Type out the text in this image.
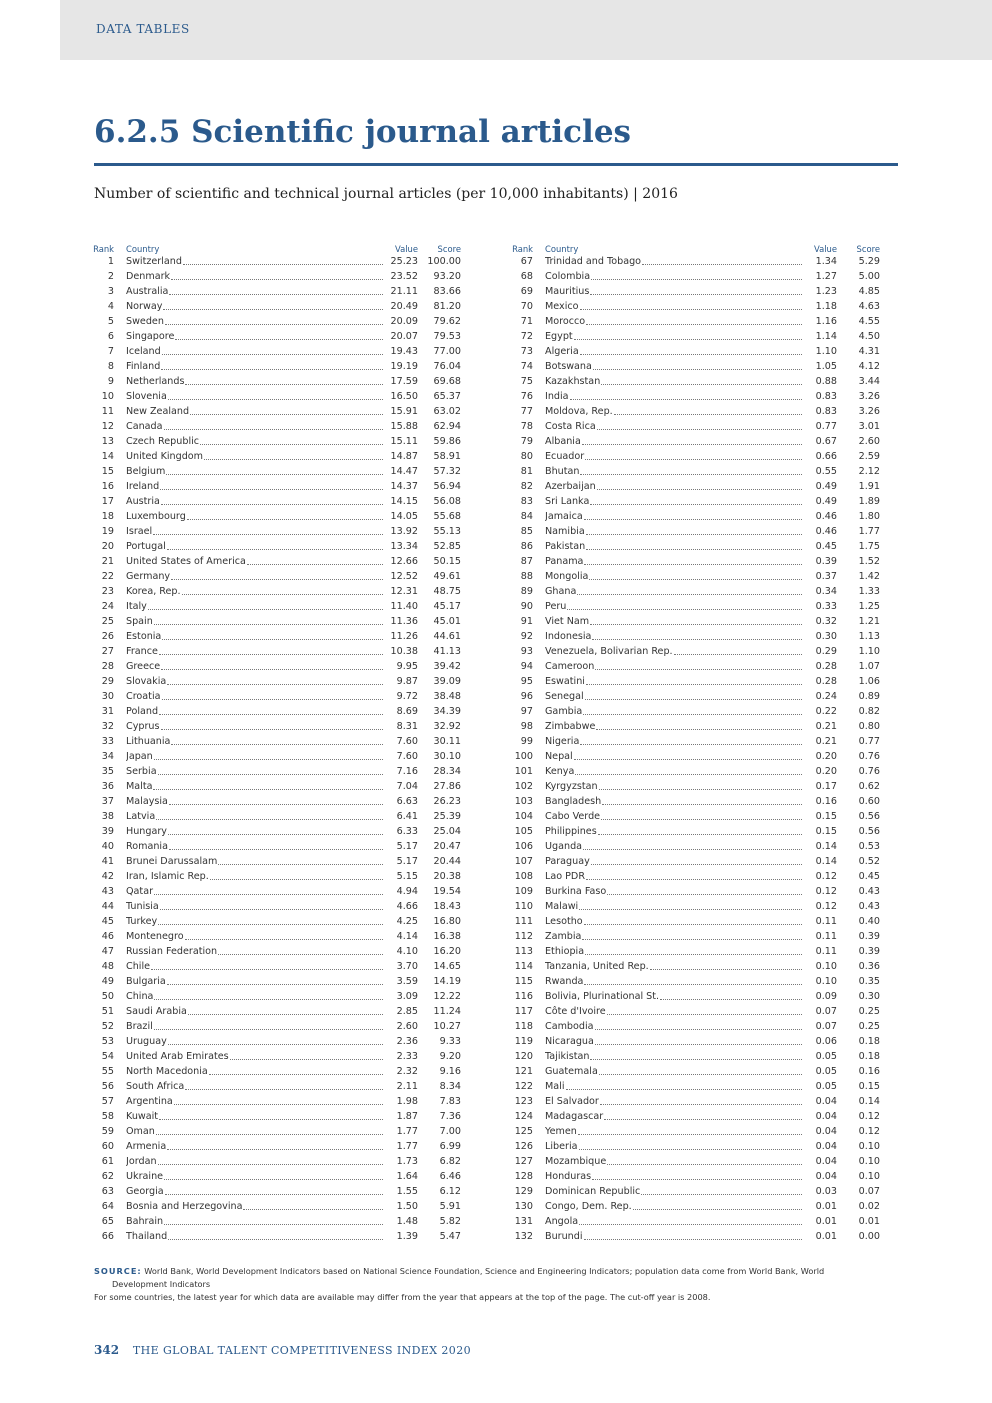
DATA TABLES
6.2.5 Scientific journal articles
Number of scientific and technical journal articles (per 10,000 inhabitants) | 2016
Rank	Country	Value	Score
1	Switzerland	25.23 100.00
2	Denmark	23.52	93.20
3	Australia	21.11	83.66
4	Norway	20.49	81.20
5	Sweden	20.09	79.62
6	Singapore	20.07	79.53
7	Iceland	19.43	77.00
8	Finland	19.19	76.04
9	Netherlands	17.59	69.68
10	Slovenia	16.50	65.37
11	New Zealand	15.91	63.02
12	Canada	15.88	62.94
13	Czech Republic	15.11	59.86
14	United Kingdom	14.87	58.91
15	Belgium	14.47	57.32
16	Ireland	14.37	56.94
17	Austria	14.15	56.08
18	Luxembourg	14.05	55.68
19	Israel	13.92	55.13
20	Portugal	13.34	52.85
21	United States of America	12.66	50.15
22	Germany	12.52	49.61
23	Korea, Rep.	12.31	48.75
24	Italy	11.40	45.17
25	Spain	11.36	45.01
26	Estonia	11.26	44.61
27	France	10.38	41.13
28	Greece	9.95	39.42
29	Slovakia	9.87	39.09
30	Croatia	9.72	38.48
31	Poland	8.69	34.39
32	Cyprus	8.31	32.92
33	Lithuania	7.60	30.11
34	Japan	7.60	30.10
35	Serbia	7.16	28.34
36	Malta	7.04	27.86
37	Malaysia	6.63	26.23
38	Latvia	6.41	25.39
39	Hungary	6.33	25.04
40	Romania	5.17	20.47
41	Brunei Darussalam	5.17	20.44
42	Iran, Islamic Rep.	5.15	20.38
43	Qatar	4.94	19.54
44	Tunisia	4.66	18.43
45	Turkey	4.25	16.80
46	Montenegro	4.14	16.38
47	Russian Federation	4.10	16.20
48	Chile	3.70	14.65
49	Bulgaria	3.59	14.19
50	China	3.09	12.22
51	Saudi Arabia	2.85	11.24
52	Brazil	2.60	10.27
53	Uruguay	2.36	9.33
54	United Arab Emirates	2.33	9.20
55	North Macedonia	2.32	9.16
56	South Africa	2.11	8.34
57	Argentina	1.98	7.83
58	Kuwait	1.87	7.36
59	Oman	1.77	7.00
60	Armenia	1.77	6.99
61	Jordan	1.73	6.82
62	Ukraine	1.64	6.46
63	Georgia	1.55	6.12
64	Bosnia and Herzegovina	1.50	5.91
65	Bahrain	1.48	5.82
66	Thailand	1.39	5.47
Rank	Country	Value	Score
67	Trinidad and Tobago	1.34	5.29
68	Colombia	1.27	5.00
69	Mauritius	1.23	4.85
70	Mexico	1.18	4.63
71	Morocco	1.16	4.55
72	Egypt	1.14	4.50
73	Algeria	1.10	4.31
74	Botswana	1.05	4.12
75	Kazakhstan	0.88	3.44
76	India	0.83	3.26
77	Moldova, Rep.	0.83	3.26
78	Costa Rica	0.77	3.01
79	Albania	0.67	2.60
80	Ecuador	0.66	2.59
81	Bhutan	0.55	2.12
82	Azerbaijan	0.49	1.91
83	Sri Lanka	0.49	1.89
84	Jamaica	0.46	1.80
85	Namibia	0.46	1.77
86	Pakistan	0.45	1.75
87	Panama	0.39	1.52
88	Mongolia	0.37	1.42
89	Ghana	0.34	1.33
90	Peru	0.33	1.25
91	Viet Nam	0.32	1.21
92	Indonesia	0.30	1.13
93	Venezuela, Bolivarian Rep.	0.29	1.10
94	Cameroon	0.28	1.07
95	Eswatini	0.28	1.06
96	Senegal	0.24	0.89
97	Gambia	0.22	0.82
98	Zimbabwe	0.21	0.80
99	Nigeria	0.21	0.77
100	Nepal	0.20	0.76
101	Kenya	0.20	0.76
102	Kyrgyzstan	0.17	0.62
103	Bangladesh	0.16	0.60
104	Cabo Verde	0.15	0.56
105	Philippines	0.15	0.56
106	Uganda	0.14	0.53
107	Paraguay	0.14	0.52
108	Lao PDR	0.12	0.45
109	Burkina Faso	0.12	0.43
110	Malawi	0.12	0.43
111	Lesotho	0.11	0.40
112	Zambia	0.11	0.39
113	Ethiopia	0.11	0.39
114	Tanzania, United Rep.	0.10	0.36
115	Rwanda	0.10	0.35
116	Bolivia, Plurinational St.	0.09	0.30
117	Côte d'Ivoire	0.07	0.25
118	Cambodia	0.07	0.25
119	Nicaragua	0.06	0.18
120	Tajikistan	0.05	0.18
121	Guatemala	0.05	0.16
122	Mali	0.05	0.15
123	El Salvador	0.04	0.14
124	Madagascar	0.04	0.12
125	Yemen	0.04	0.12
126	Liberia	0.04	0.10
127	Mozambique	0.04	0.10
128	Honduras	0.04	0.10
129	Dominican Republic	0.03	0.07
130	Congo, Dem. Rep.	0.01	0.02
131	Angola	0.01	0.01
132	Burundi	0.01	0.00
SOURCE: World Bank, World Development Indicators based on National Science Foundation, Science and Engineering Indicators; population data come from World Bank, World
Development Indicators
For some countries, the latest year for which data are available may differ from the year that appears at the top of the page. The cut-off year is 2008.
342 THE GLOBAL TALENT COMPETITIVENESS INDEX 2020
